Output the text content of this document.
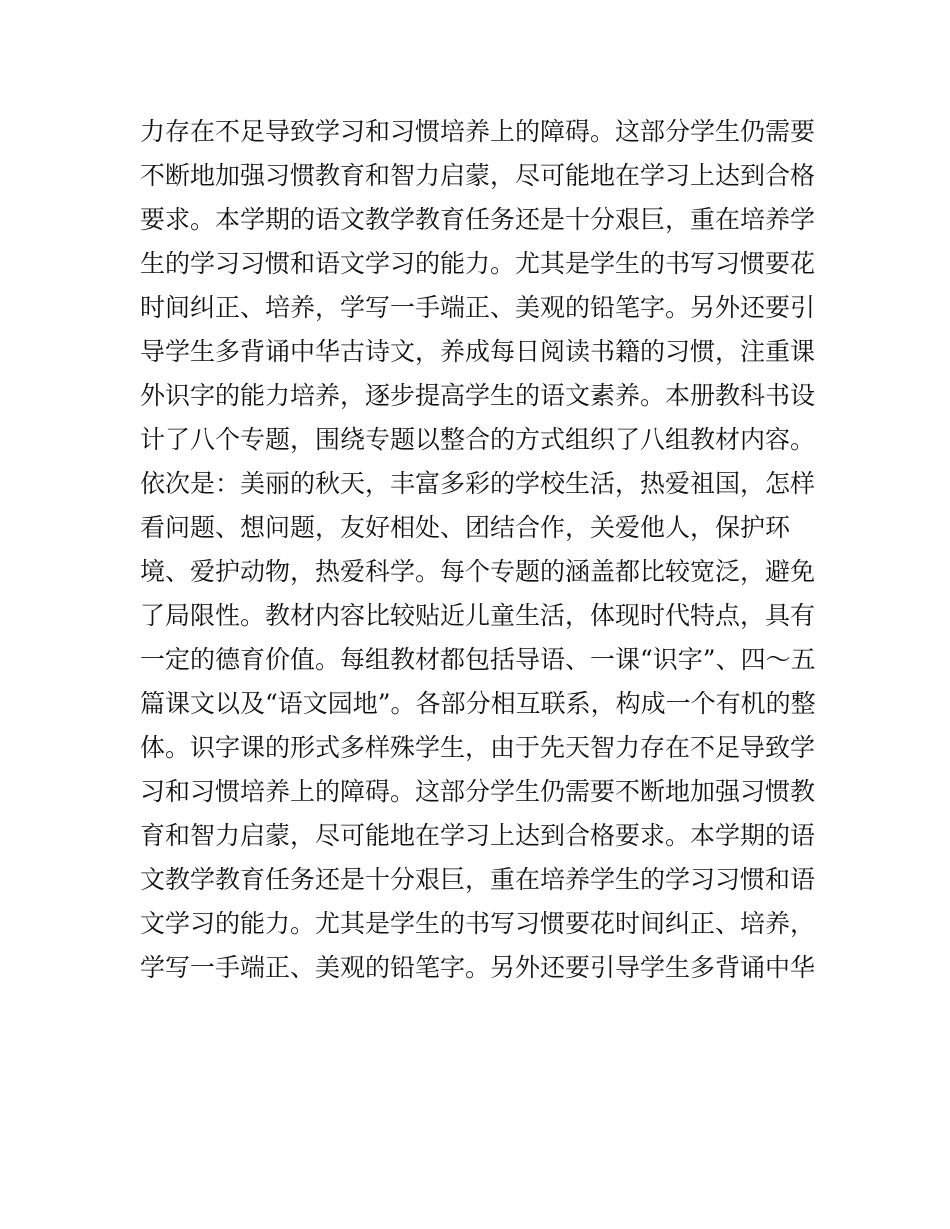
力存在不足导致学习和习惯培养上的障碍。这部分学生仍需要
不断地加强习惯教育和智力启蒙，尽可能地在学习上达到合格
要求。本学期的语文教学教育任务还是十分艰巨，重在培养学
生的学习习惯和语文学习的能力。尤其是学生的书写习惯要花
时间纠正、培养，学写一手端正、美观的铅笔字。另外还要引
导学生多背诵中华古诗文，养成每日阅读书籍的习惯，注重课
外识字的能力培养，逐步提高学生的语文素养。本册教科书设
计了八个专题，围绕专题以整合的方式组织了八组教材内容。
依次是：美丽的秋天，丰富多彩的学校生活，热爱祖国，怎样
看问题、想问题，友好相处、团结合作，关爱他人，保护环
境、爱护动物，热爱科学。每个专题的涵盖都比较宽泛，避免
了局限性。教材内容比较贴近儿童生活，体现时代特点，具有
一定的德育价值。每组教材都包括导语、一课“识字”、四～五
篇课文以及“语文园地”。各部分相互联系，构成一个有机的整
体。识字课的形式多样殊学生，由于先天智力存在不足导致学
习和习惯培养上的障碍。这部分学生仍需要不断地加强习惯教
育和智力启蒙，尽可能地在学习上达到合格要求。本学期的语
文教学教育任务还是十分艰巨，重在培养学生的学习习惯和语
文学习的能力。尤其是学生的书写习惯要花时间纠正、培养，
学写一手端正、美观的铅笔字。另外还要引导学生多背诵中华
